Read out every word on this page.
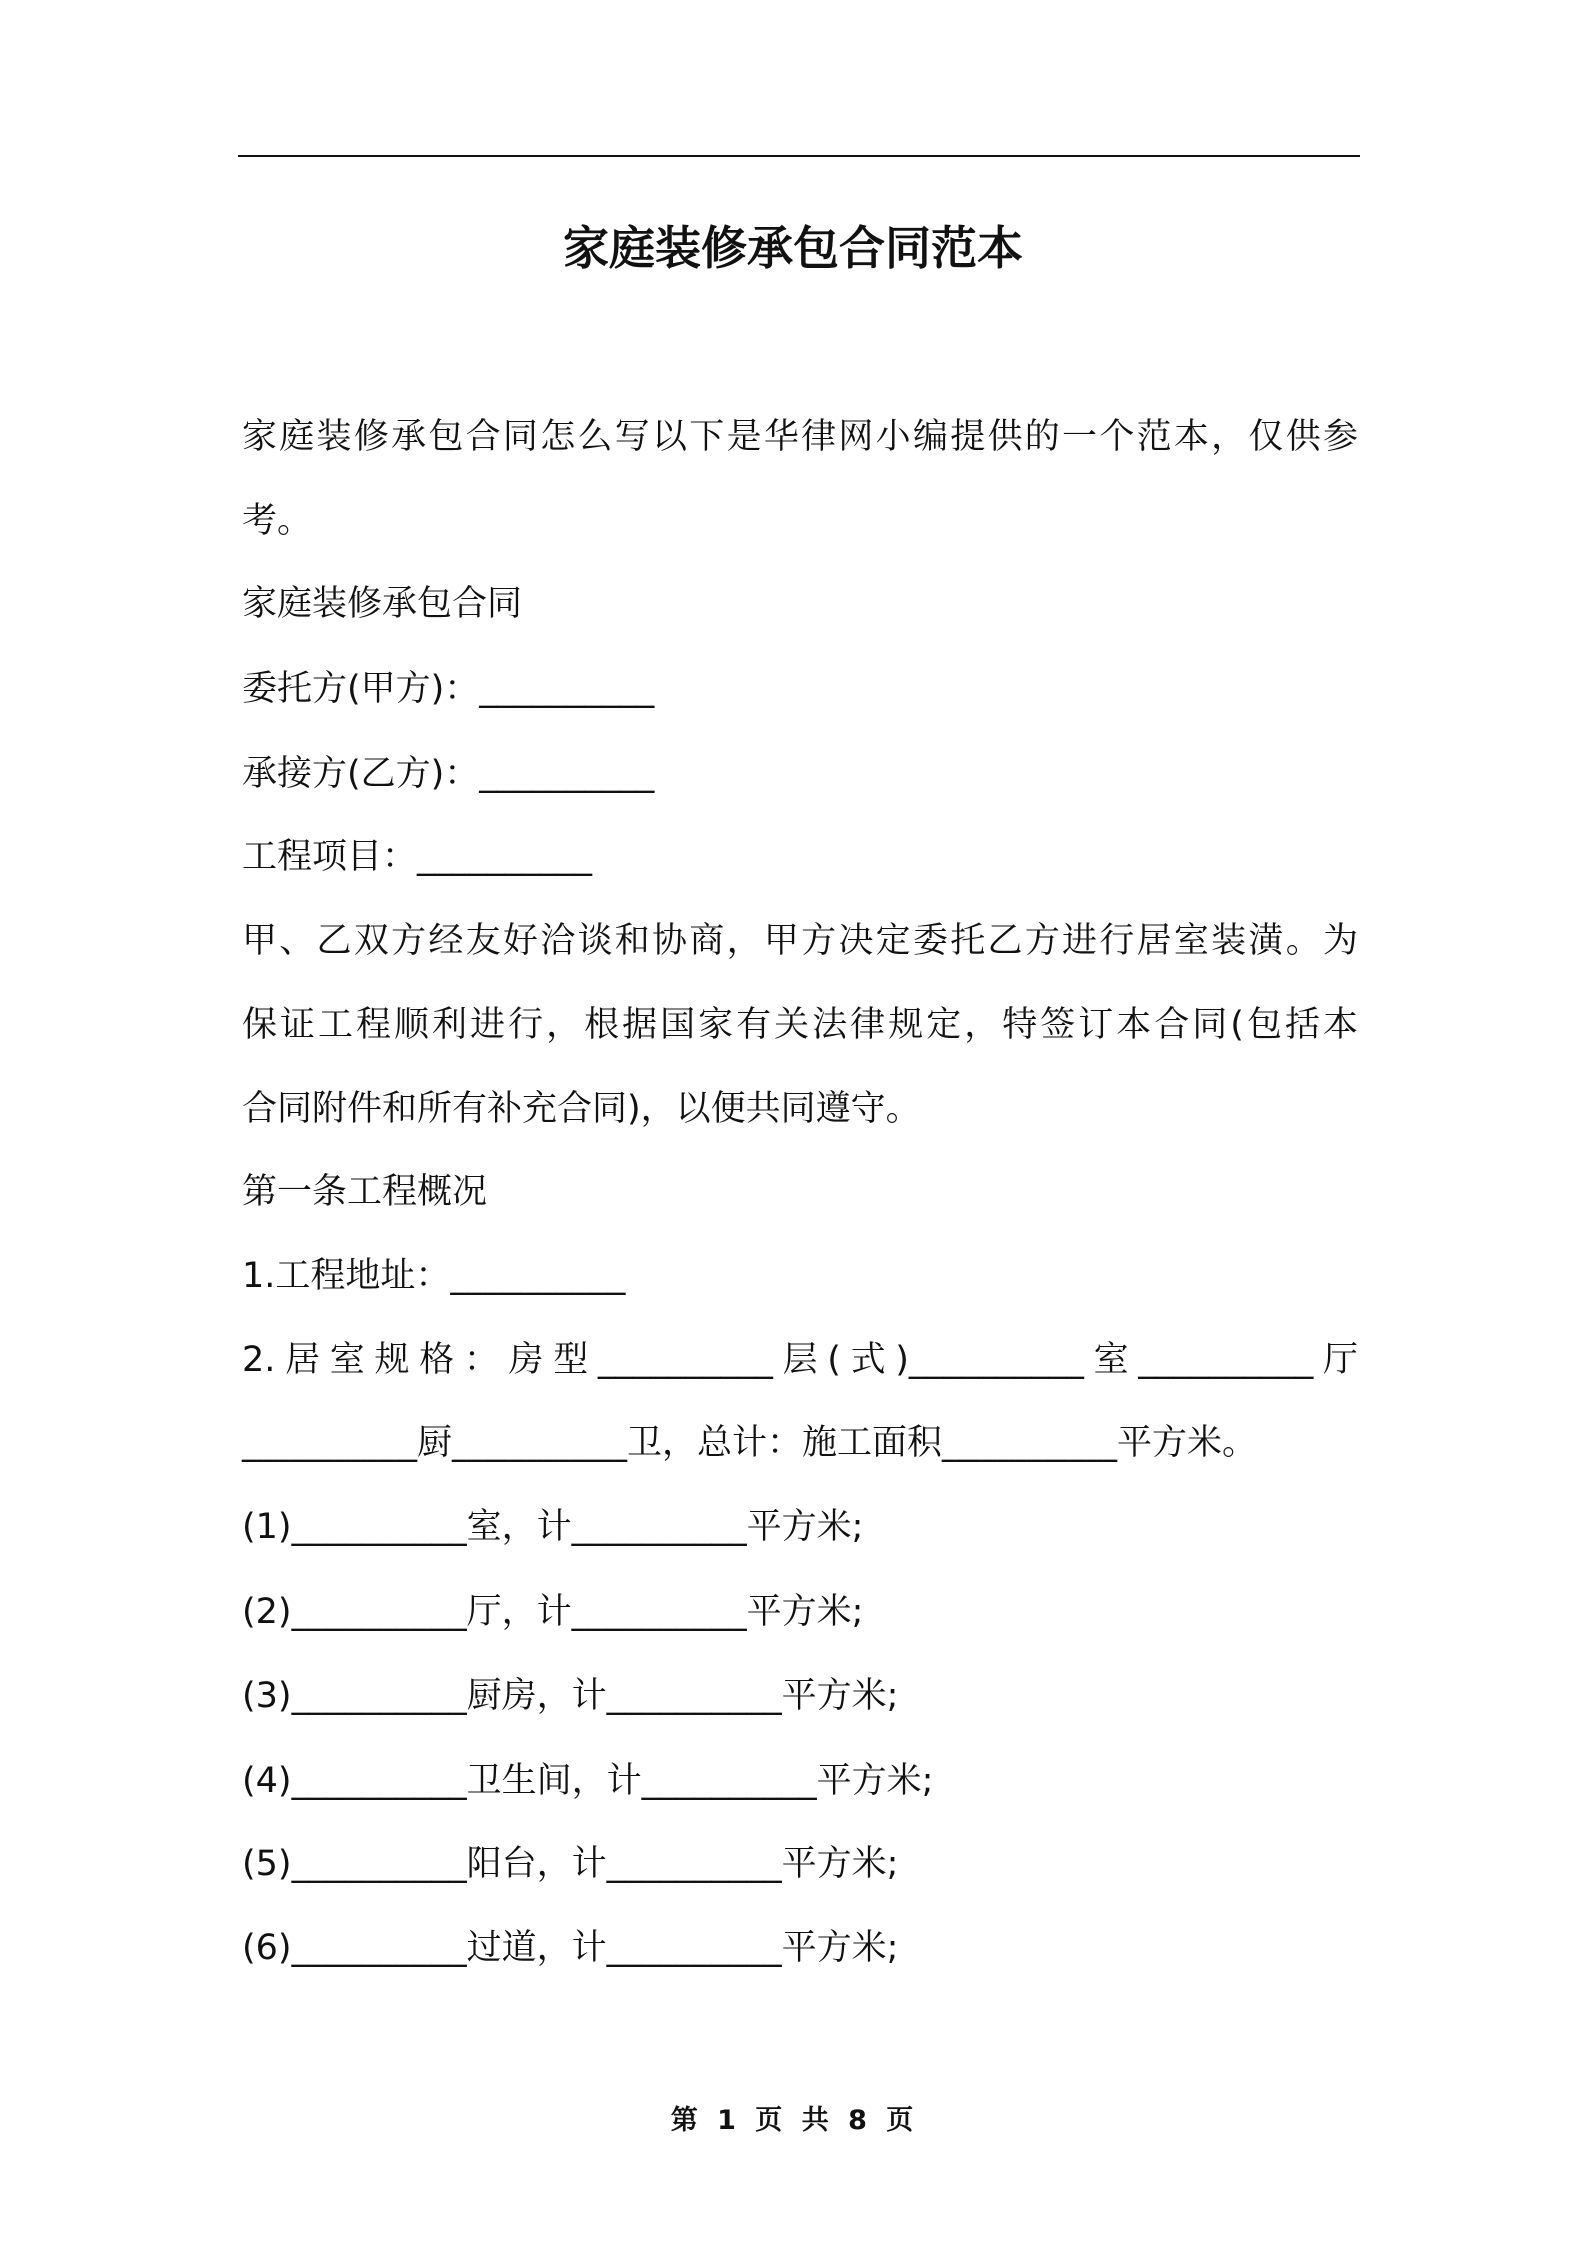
家庭装修承包合同范本
家庭装修承包合同怎么写以下是华律网小编提供的一个范本，仅供参
考。
家庭装修承包合同
委托方(甲方)：__________
承接方(乙方)：__________
工程项目：__________
甲、乙双方经友好洽谈和协商，甲方决定委托乙方进行居室装潢。为
保证工程顺利进行，根据国家有关法律规定，特签订本合同(包括本
合同附件和所有补充合同)，以便共同遵守。
第一条工程概况
1.工程地址：__________
2.居室规格：房型__________层(式)__________室__________厅
__________厨__________卫，总计：施工面积__________平方米。
(1)__________室，计__________平方米;
(2)__________厅，计__________平方米;
(3)__________厨房，计__________平方米;
(4)__________卫生间，计__________平方米;
(5)__________阳台，计__________平方米;
(6)__________过道，计__________平方米;
第 1 页 共 8 页
